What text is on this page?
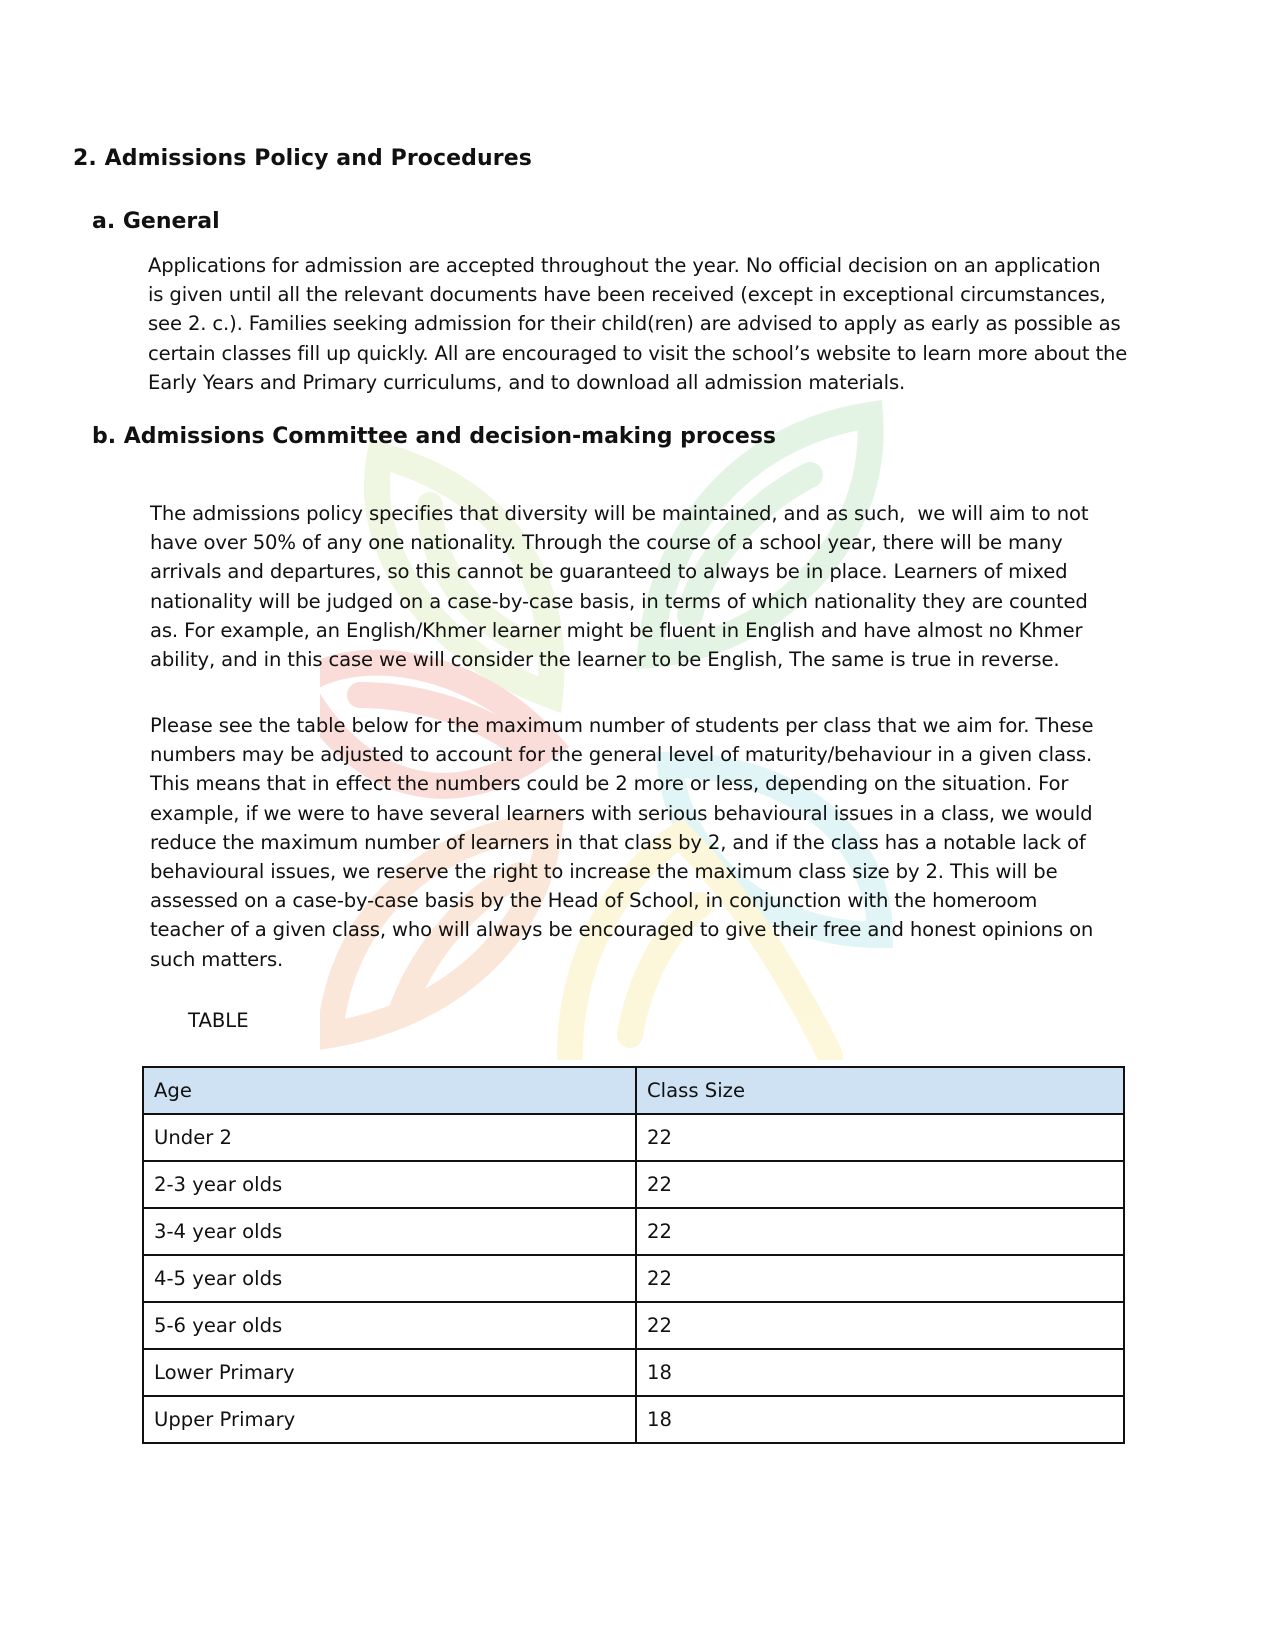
2. Admissions Policy and Procedures
a. General

Applications for admission are accepted throughout the year. No official decision on an application
is given until all the relevant documents have been received (except in exceptional circumstances,
see 2. c.). Families seeking admission for their child(ren) are advised to apply as early as possible as
certain classes fill up quickly. All are encouraged to visit the school’s website to learn more about the
Early Years and Primary curriculums, and to download all admission materials.

b. Admissions Committee and decision-making process

The admissions policy specifies that diversity will be maintained, and as such,  we will aim to not
have over 50% of any one nationality. Through the course of a school year, there will be many
arrivals and departures, so this cannot be guaranteed to always be in place. Learners of mixed
nationality will be judged on a case-by-case basis, in terms of which nationality they are counted
as. For example, an English/Khmer learner might be fluent in English and have almost no Khmer
ability, and in this case we will consider the learner to be English, The same is true in reverse.

Please see the table below for the maximum number of students per class that we aim for. These
numbers may be adjusted to account for the general level of maturity/behaviour in a given class.
This means that in effect the numbers could be 2 more or less, depending on the situation. For
example, if we were to have several learners with serious behavioural issues in a class, we would
reduce the maximum number of learners in that class by 2, and if the class has a notable lack of
behavioural issues, we reserve the right to increase the maximum class size by 2. This will be
assessed on a case-by-case basis by the Head of School, in conjunction with the homeroom
teacher of a given class, who will always be encouraged to give their free and honest opinions on
such matters.

TABLE

Age	Class Size
Under 2	22
2-3 year olds	22
3-4 year olds	22
4-5 year olds	22
5-6 year olds	22
Lower Primary	18
Upper Primary	18
